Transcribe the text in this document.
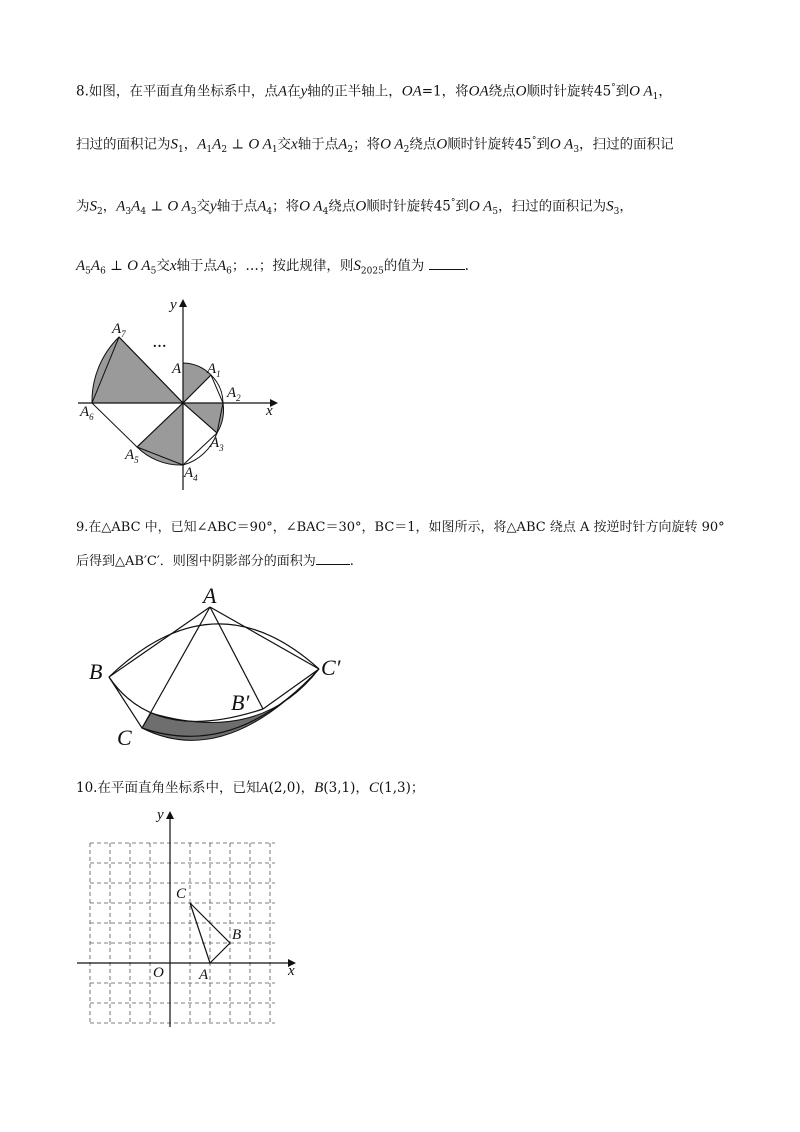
8.如图，在平面直角坐标系中，点A在y轴的正半轴上，OA=1，将OA绕点O顺时针旋转45°到O $A_1$，
扫过的面积记为$S_1$，$A_1A_2$ ⊥ O $A_1$交x轴于点$A_2$；将O $A_2$绕点O顺时针旋转45°到O $A_3$，扫过的面积记
为$S_2$，$A_3A_4$ ⊥ O $A_3$交y轴于点$A_4$；将O $A_4$绕点O顺时针旋转45°到O $A_5$，扫过的面积记为$S_3$，
$A_5A_6$ ⊥ O $A_5$交x轴于点$A_6$；…；按此规律，则$S_{2025}$的值为	.
x
y
A $A_1$
$A_2$
$A_3$
$A_4$
$A_5$
$A_6$
$A_7$
…
9.在△ABC 中，已知∠ABC＝90°，∠BAC＝30°，BC＝1，如图所示，将△ABC 绕点 A 按逆时针方向旋转 90°
后得到△AB′C′．则图中阴影部分的面积为	.
A
B
C
B′
C′
10.在平面直角坐标系中，已知A(2,0)，B(3,1)，C(1,3)；
C
B
O A	x
y
